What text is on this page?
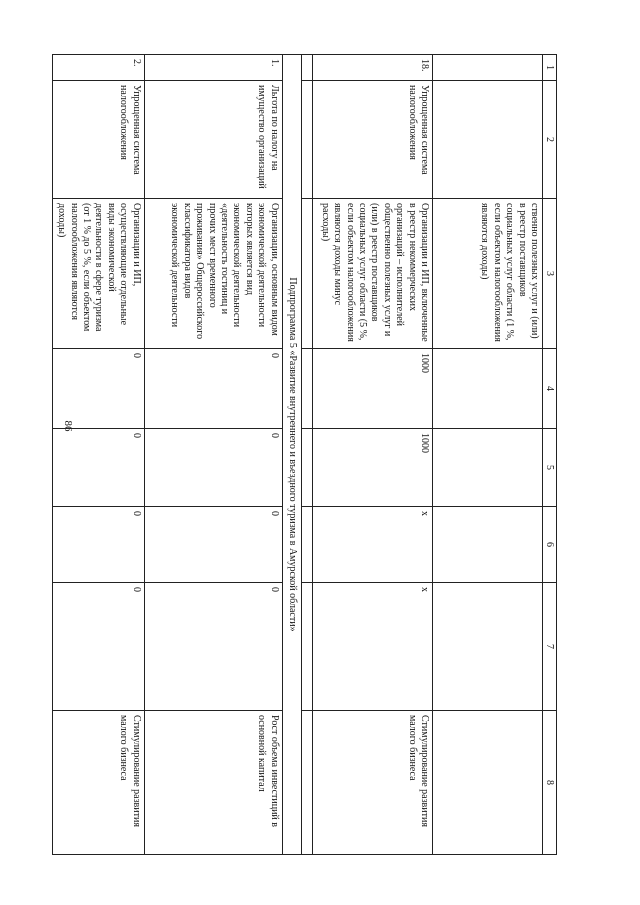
86
1	2	3	4	5	6	7	8
		ственно полезных услуг и (или) в реестр поставщиков социальных услуг области (1 %, если объектом налогообложения являются доходы)					
18.	Упрощенная система налогообложения	Организации и ИП, включенные в реестр некоммерческих организаций – исполнителей общественно полезных услуг и (или) в реестр поставщиков социальных услуг области (5 %, если объектом налогообложения являются доходы минус расходы)	1000	1000	х	х	Стимулирование развития малого бизнеса

Подпрограмма 5 «Развитие внутреннего и въездного туризма в Амурской области»							
1.	Льгота по налогу на имущество организаций	Организации, основным видом экономической деятельности которых является вид экономической деятельности «деятельность гостиниц и прочих мест временного проживания» Общероссийского классификатора видов экономической деятельности	0	0	0	0	Рост объема инвестиций в основной капитал
2.	Упрощенная система налогообложения	Организации и ИП, осуществляющие отдельные виды экономической деятельности в сфере туризма (от 1 % до 5 %, если объектом налогообложения являются доходы)	0	0	0	0	Стимулирование развития малого бизнеса
